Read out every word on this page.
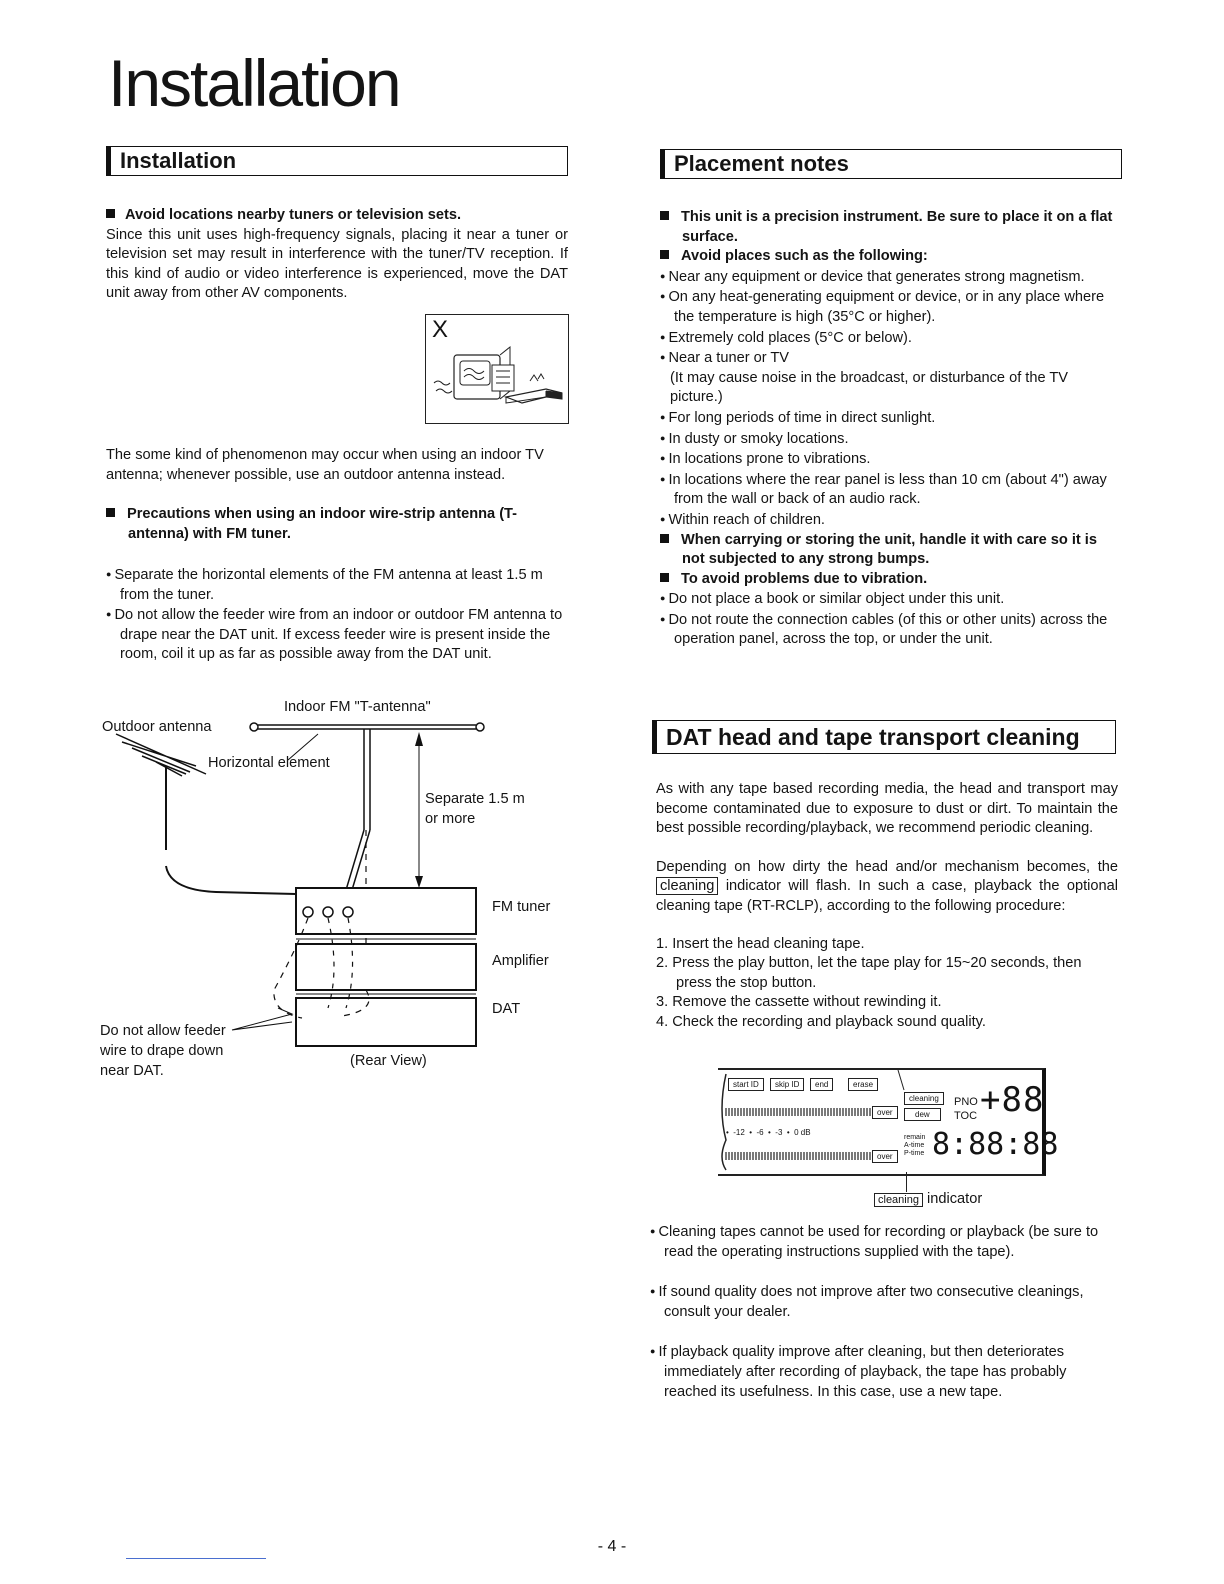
Installation
Installation

Avoid locations nearby tuners or television sets.

Since this unit uses high-frequency signals, placing it near a tuner or television set may result in interference with the tuner/TV reception. If this kind of audio or video interference is experienced, move the DAT unit away from other AV components.

X

The some kind of phenomenon may occur when using an indoor TV antenna; whenever possible, use an outdoor antenna instead.

Precautions when using an indoor wire-strip antenna (T-antenna) with FM tuner.

● Separate the horizontal elements of the FM antenna at least 1.5 m from the tuner.

● Do not allow the feeder wire from an indoor or outdoor FM antenna to drape near the DAT unit. If excess feeder wire is present inside the room, coil it up as far as possible away from the DAT unit.

Indoor FM "T-antenna"
Outdoor antenna
Horizontal element
Separate 1.5 m
or more
FM tuner
Amplifier
DAT
(Rear View)
Do not allow feeder
wire to drape down
near DAT.
Placement notes

This unit is a precision instrument. Be sure to place it on a flat surface.

Avoid places such as the following:

● Near any equipment or device that generates strong magnetism.

● On any heat-generating equipment or device, or in any place where the temperature is high (35°C or higher).

● Extremely cold places (5°C or below).

● Near a tuner or TV

(It may cause noise in the broadcast, or disturbance of the TV picture.)

● For long periods of time in direct sunlight.

● In dusty or smoky locations.

● In locations prone to vibrations.

● In locations where the rear panel is less than 10 cm (about 4") away from the wall or back of an audio rack.

● Within reach of children.

When carrying or storing the unit, handle it with care so it is not subjected to any strong bumps.

To avoid problems due to vibration.

● Do not place a book or similar object under this unit.

● Do not route the connection cables (of this or other units) across the operation panel, across the top, or under the unit.

DAT head and tape transport cleaning

As with any tape based recording media, the head and transport may become contaminated due to exposure to dust or dirt. To maintain the best possible recording/playback, we recommend periodic cleaning.

Depending on how dirty the head and/or mechanism becomes, the cleaning indicator will flash. In such a case, playback the optional cleaning tape (RT-RCLP), according to the following procedure:

1. Insert the head cleaning tape.

2. Press the play button, let the tape play for 15~20 seconds, then press the stop button.

3. Remove the cassette without rewinding it.

4. Check the recording and playback sound quality.

start ID	skip ID	end	erase
over
over
cleaning
dew
•  -12  •  -6  •  -3  •  0 dB
PNO
TOC +88
remain
A-time
P-time 8:88:88
cleaning indicator

● Cleaning tapes cannot be used for recording or playback (be sure to read the operating instructions supplied with the tape).

● If sound quality does not improve after two consecutive cleanings, consult your dealer.

● If playback quality improve after cleaning, but then deteriorates immediately after recording of playback, the tape has probably reached its usefulness. In this case, use a new tape.

- 4 -
